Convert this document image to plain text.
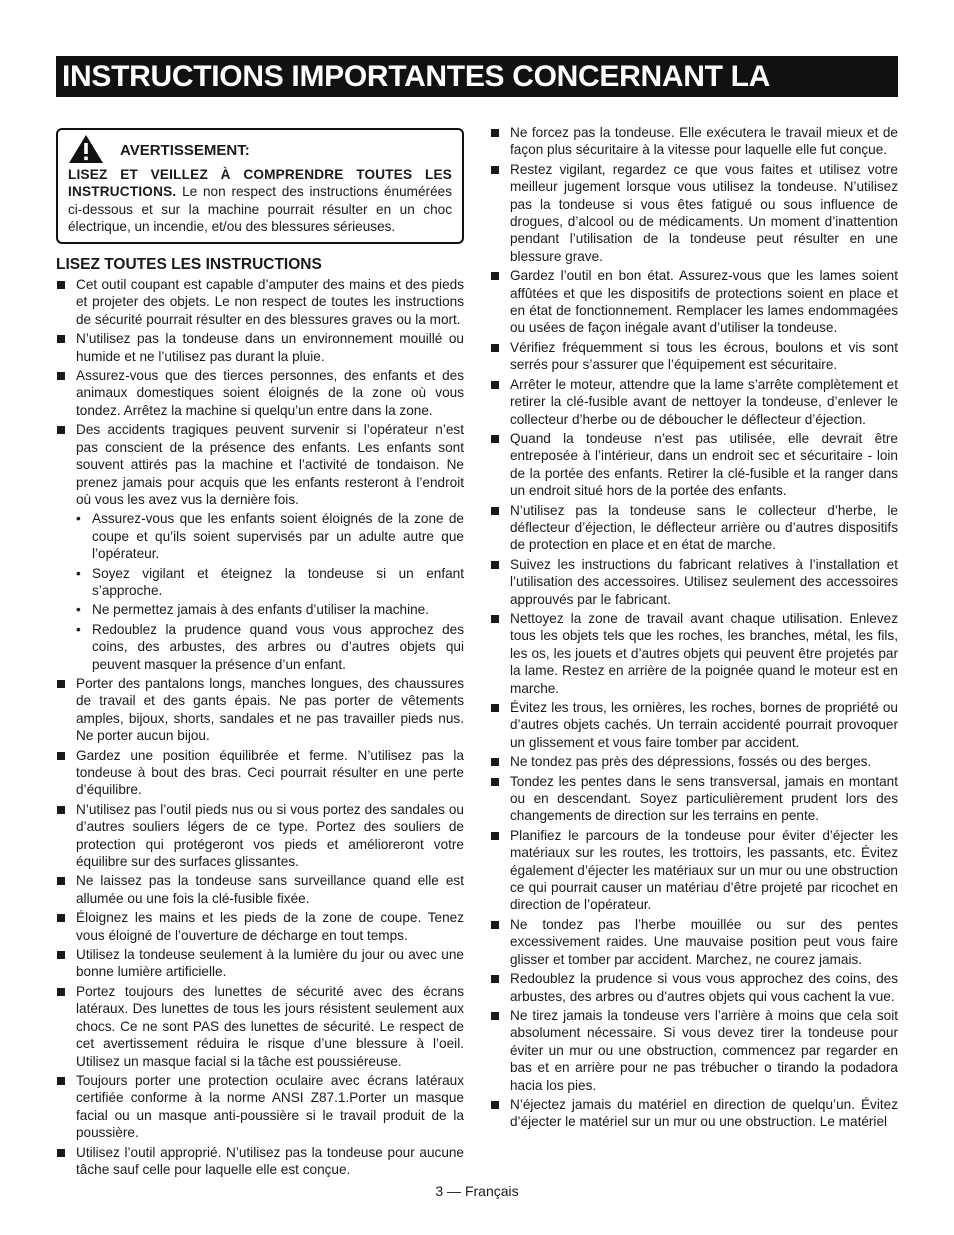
INSTRUCTIONS IMPORTANTES CONCERNANT LA SÉCURITÉ
AVERTISSEMENT:
LISEZ ET VEILLEZ À COMPRENDRE TOUTES LES INSTRUCTIONS. Le non respect des instructions énumérées ci-dessous et sur la machine pourrait résulter en un choc électrique, un incendie, et/ou des blessures sérieuses.
LISEZ TOUTES LES INSTRUCTIONS
Cet outil coupant est capable d’amputer des mains et des pieds et projeter des objets. Le non respect de toutes les instructions de sécurité pourrait résulter en des blessures graves ou la mort.
N’utilisez pas la tondeuse dans un environnement mouillé ou humide et ne l’utilisez pas durant la pluie.
Assurez-vous que des tierces personnes, des enfants et des animaux domestiques soient éloignés de la zone où vous tondez. Arrêtez la machine si quelqu’un entre dans la zone.
Des accidents tragiques peuvent survenir si l’opérateur n’est pas conscient de la présence des enfants. Les enfants sont souvent attirés pas la machine et l’activité de tondaison. Ne prenez jamais pour acquis que les enfants resteront à l’endroit où vous les avez vus la dernière fois.
• Assurez-vous que les enfants soient éloignés de la zone de coupe et qu’ils soient supervisés par un adulte autre que l’opérateur.
• Soyez vigilant et éteignez la tondeuse si un enfant s’approche.
• Ne permettez jamais à des enfants d’utiliser la machine.
• Redoublez la prudence quand vous vous approchez des coins, des arbustes, des arbres ou d’autres objets qui peuvent masquer la présence d’un enfant.
Porter des pantalons longs, manches longues, des chaussures de travail et des gants épais. Ne pas porter de vêtements amples, bijoux, shorts, sandales et ne pas travailler pieds nus. Ne porter aucun bijou.
Gardez une position équilibrée et ferme. N’utilisez pas la tondeuse à bout des bras. Ceci pourrait résulter en une perte d’équilibre.
N’utilisez pas l’outil pieds nus ou si vous portez des sandales ou d’autres souliers légers de ce type. Portez des souliers de protection qui protégeront vos pieds et amélioreront votre équilibre sur des surfaces glissantes.
Ne laissez pas la tondeuse sans surveillance quand elle est allumée ou une fois la clé-fusible fixée.
Éloignez les mains et les pieds de la zone de coupe. Tenez vous éloigné de l’ouverture de décharge en tout temps.
Utilisez la tondeuse seulement à la lumière du jour ou avec une bonne lumière artificielle.
Portez toujours des lunettes de sécurité avec des écrans latéraux. Des lunettes de tous les jours résistent seulement aux chocs. Ce ne sont PAS des lunettes de sécurité. Le respect de cet avertissement réduira le risque d’une blessure à l’oeil. Utilisez un masque facial si la tâche est poussiéreuse.
Toujours porter une protection oculaire avec écrans latéraux certifiée conforme à la norme ANSI Z87.1.Porter un masque facial ou un masque anti-poussière si le travail produit de la poussière.
Utilisez l’outil approprié. N’utilisez pas la tondeuse pour aucune tâche sauf celle pour laquelle elle est conçue.
Ne forcez pas la tondeuse. Elle exécutera le travail mieux et de façon plus sécuritaire à la vitesse pour laquelle elle fut conçue.
Restez vigilant, regardez ce que vous faites et utilisez votre meilleur jugement lorsque vous utilisez la tondeuse. N’utilisez pas la tondeuse si vous êtes fatigué ou sous influence de drogues, d’alcool ou de médicaments. Un moment d’inattention pendant l’utilisation de la tondeuse peut résulter en une blessure grave.
Gardez l’outil en bon état. Assurez-vous que les lames soient affûtées et que les dispositifs de protections soient en place et en état de fonctionnement. Remplacer les lames endommagées ou usées de façon inégale avant d’utiliser la tondeuse.
Vérifiez fréquemment si tous les écrous, boulons et vis sont serrés pour s’assurer que l’équipement est sécuritaire.
Arrêter le moteur, attendre que la lame s’arrête complètement et retirer la clé-fusible avant de nettoyer la tondeuse, d’enlever le collecteur d’herbe ou de déboucher le déflecteur d’éjection.
Quand la tondeuse n’est pas utilisée, elle devrait être entreposée à l’intérieur, dans un endroit sec et sécuritaire - loin de la portée des enfants. Retirer la clé-fusible et la ranger dans un endroit situé hors de la portée des enfants.
N’utilisez pas la tondeuse sans le collecteur d’herbe, le déflecteur d’éjection, le déflecteur arrière ou d’autres dispositifs de protection en place et en état de marche.
Suivez les instructions du fabricant relatives à l’installation et l’utilisation des accessoires. Utilisez seulement des accessoires approuvés par le fabricant.
Nettoyez la zone de travail avant chaque utilisation. Enlevez tous les objets tels que les roches, les branches, métal, les fils, les os, les jouets et d’autres objets qui peuvent être projetés par la lame. Restez en arrière de la poignée quand le moteur est en marche.
Évitez les trous, les ornières, les roches, bornes de propriété ou d’autres objets cachés. Un terrain accidenté pourrait provoquer un glissement et vous faire tomber par accident.
Ne tondez pas près des dépressions, fossés ou des berges.
Tondez les pentes dans le sens transversal, jamais en montant ou en descendant. Soyez particulièrement prudent lors des changements de direction sur les terrains en pente.
Planifiez le parcours de la tondeuse pour éviter d’éjecter les matériaux sur les routes, les trottoirs, les passants, etc. Évitez également d’éjecter les matériaux sur un mur ou une obstruction ce qui pourrait causer un matériau d’être projeté par ricochet en direction de l’opérateur.
Ne tondez pas l’herbe mouillée ou sur des pentes excessivement raides. Une mauvaise position peut vous faire glisser et tomber par accident. Marchez, ne courez jamais.
Redoublez la prudence si vous vous approchez des coins, des arbustes, des arbres ou d’autres objets qui vous cachent la vue.
Ne tirez jamais la tondeuse vers l’arrière à moins que cela soit absolument nécessaire. Si vous devez tirer la tondeuse pour éviter un mur ou une obstruction, commencez par regarder en bas et en arrière pour ne pas trébucher o tirando la podadora hacia los pies.
N’éjectez jamais du matériel en direction de quelqu’un. Évitez d’éjecter le matériel sur un mur ou une obstruction. Le matériel
3 — Français
